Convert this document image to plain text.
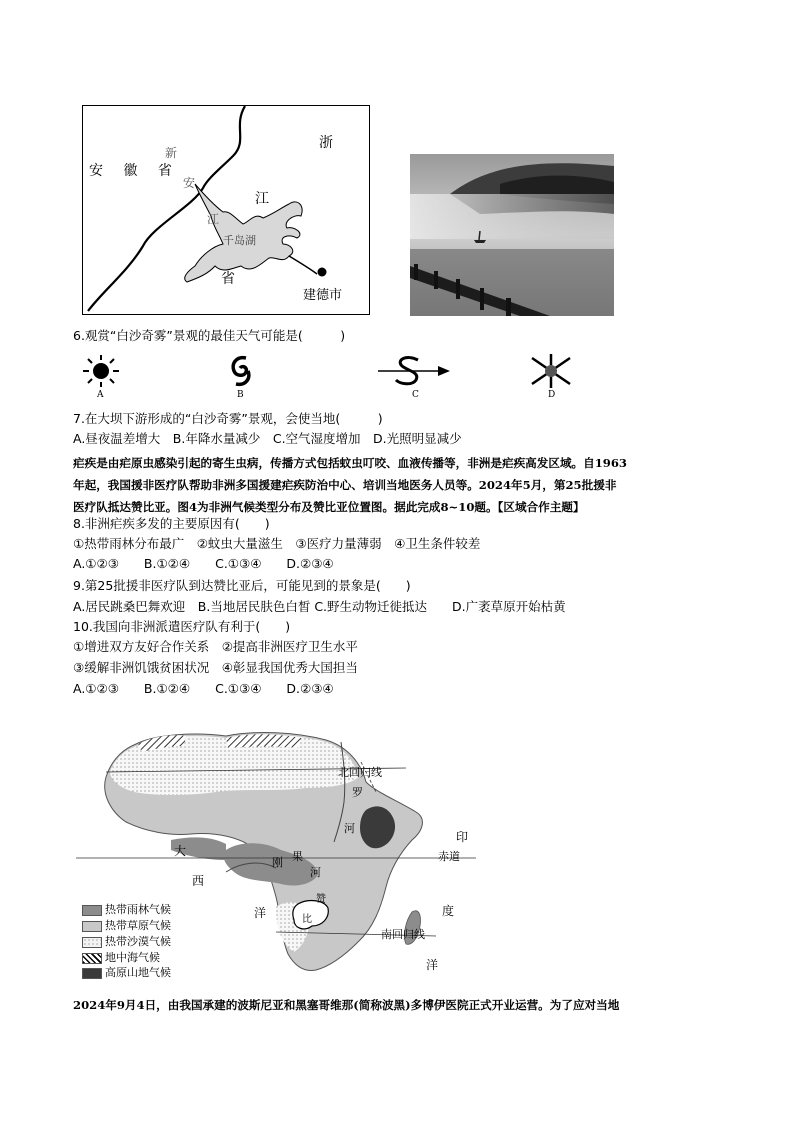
浙
安 徽 省
新
安
江
江
千岛湖
省
建德市
6.观赏“白沙奇雾”景观的最佳天气可能是(　　　)
A	B	C	D
7.在大坝下游形成的“白沙奇雾”景观，会使当地(　　　)
A.昼夜温差增大　B.年降水量减少　C.空气湿度增加　D.光照明显减少
疟疾是由疟原虫感染引起的寄生虫病，传播方式包括蚊虫叮咬、血液传播等，非洲是疟疾高发区域。自1963
年起，我国援非医疗队帮助非洲多国援建疟疾防治中心、培训当地医务人员等。2024年5月，第25批援非
医疗队抵达赞比亚。图4为非洲气候类型分布及赞比亚位置图。据此完成8~10题。【区域合作主题】
8.非洲疟疾多发的主要原因有(　　)
①热带雨林分布最广　②蚊虫大量滋生　③医疗力量薄弱　④卫生条件较差
A.①②③　　B.①②④　　C.①③④　　D.②③④
9.第25批援非医疗队到达赞比亚后，可能见到的景象是(　　)
A.居民跳桑巴舞欢迎　B.当地居民肤色白皙 C.野生动物迁徙抵达　　D.广袤草原开始枯黄
10.我国向非洲派遣医疗队有利于(　　)
①增进双方友好合作关系　②提高非洲医疗卫生水平
③缓解非洲饥饿贫困状况　④彰显我国优秀大国担当
A.①②③　　B.①②④　　C.①③④　　D.②③④
北回归线
赤道
南回归线
大
西
洋
印
度
洋
罗
河
刚 果
河
赞
比
热带雨林气候
热带草原气候
热带沙漠气候
地中海气候
高原山地气候
2024年9月4日，由我国承建的波斯尼亚和黑塞哥维那(简称波黑)多博伊医院正式开业运营。为了应对当地
